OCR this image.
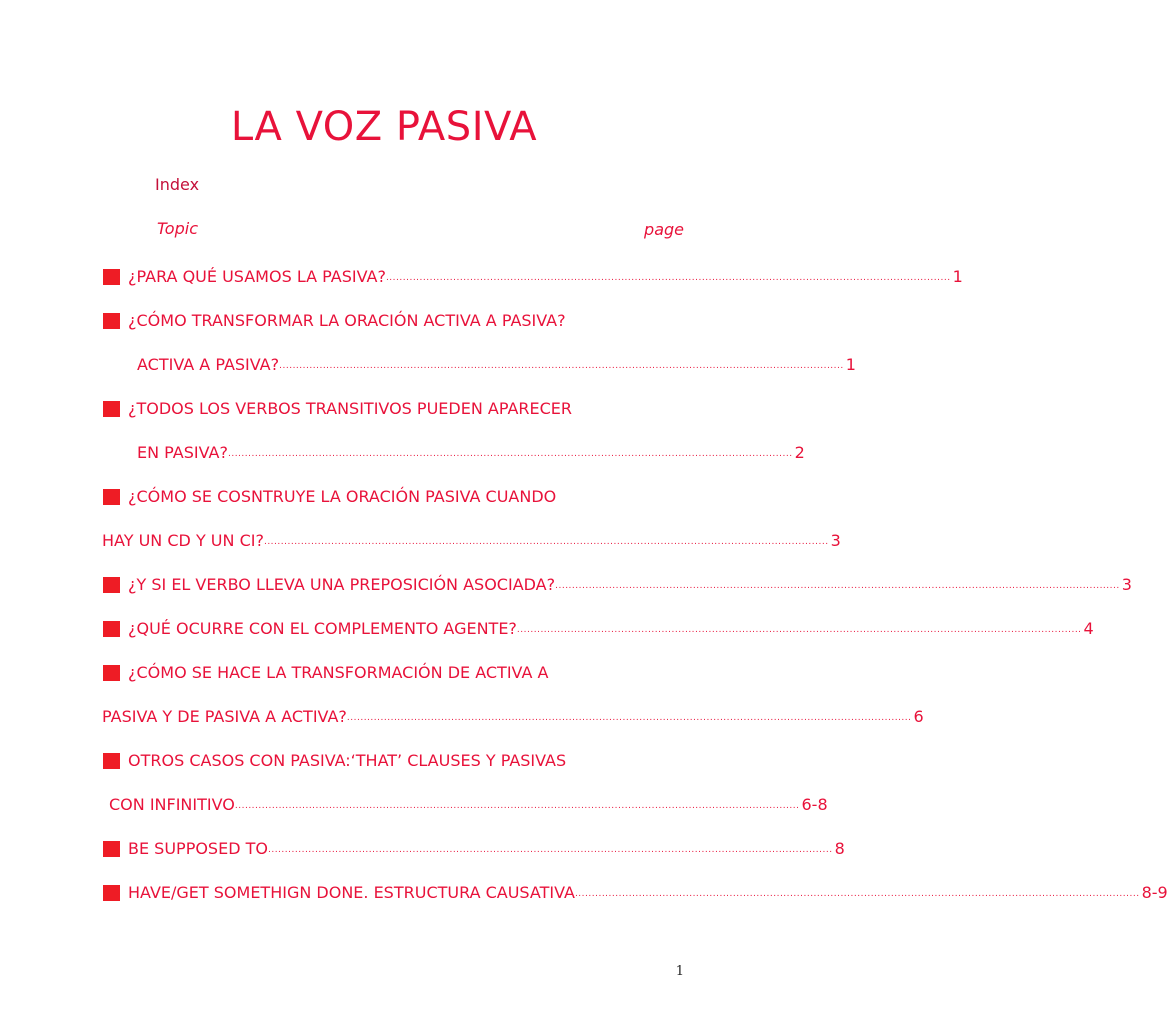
LA VOZ PASIVA
Index
Topic	page
¿PARA QUÉ USAMOS LA PASIVA? ........................................................................................................................................................................ 1
¿CÓMO TRANSFORMAR LA ORACIÓN ACTIVA A PASIVA?
ACTIVA A PASIVA? ........................................................................................................................................................................ 1
¿TODOS LOS VERBOS TRANSITIVOS PUEDEN APARECER
EN PASIVA? ........................................................................................................................................................................ 2
¿CÓMO SE COSNTRUYE LA ORACIÓN PASIVA CUANDO
HAY UN CD Y UN CI? ........................................................................................................................................................................ 3
¿Y SI EL VERBO LLEVA UNA PREPOSICIÓN ASOCIADA? ........................................................................................................................................................................ 3
¿QUÉ OCURRE CON EL COMPLEMENTO AGENTE? ........................................................................................................................................................................ 4
¿CÓMO SE HACE LA TRANSFORMACIÓN DE ACTIVA A
PASIVA Y DE PASIVA A ACTIVA? ........................................................................................................................................................................ 6
OTROS CASOS CON PASIVA:‘THAT’ CLAUSES Y PASIVAS
CON INFINITIVO ........................................................................................................................................................................ 6-8
BE SUPPOSED TO ........................................................................................................................................................................ 8
HAVE/GET SOMETHIGN DONE. ESTRUCTURA CAUSATIVA ........................................................................................................................................................................ 8-9
1
